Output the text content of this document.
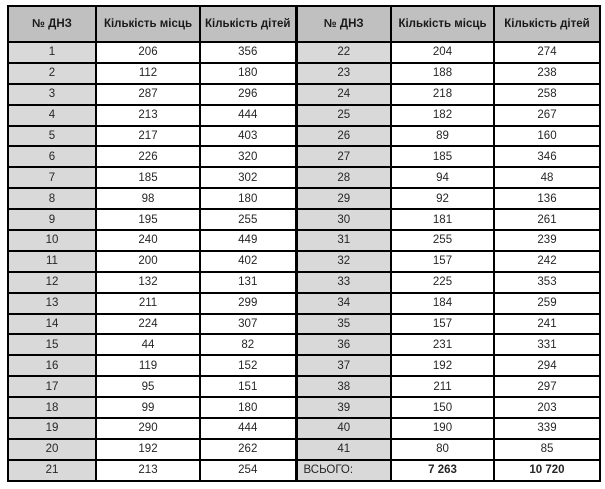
№ ДНЗ	Кількість місць	Кількість дітей	№ ДНЗ	Кількість місць	Кількість дітей
1	206	356	22	204	274
2	112	180	23	188	238
3	287	296	24	218	258
4	213	444	25	182	267
5	217	403	26	89	160
6	226	320	27	185	346
7	185	302	28	94	48
8	98	180	29	92	136
9	195	255	30	181	261
10	240	449	31	255	239
11	200	402	32	157	242
12	132	131	33	225	353
13	211	299	34	184	259
14	224	307	35	157	241
15	44	82	36	231	331
16	119	152	37	192	294
17	95	151	38	211	297
18	99	180	39	150	203
19	290	444	40	190	339
20	192	262	41	80	85
21	213	254	ВСЬОГО:	7 263	10 720
